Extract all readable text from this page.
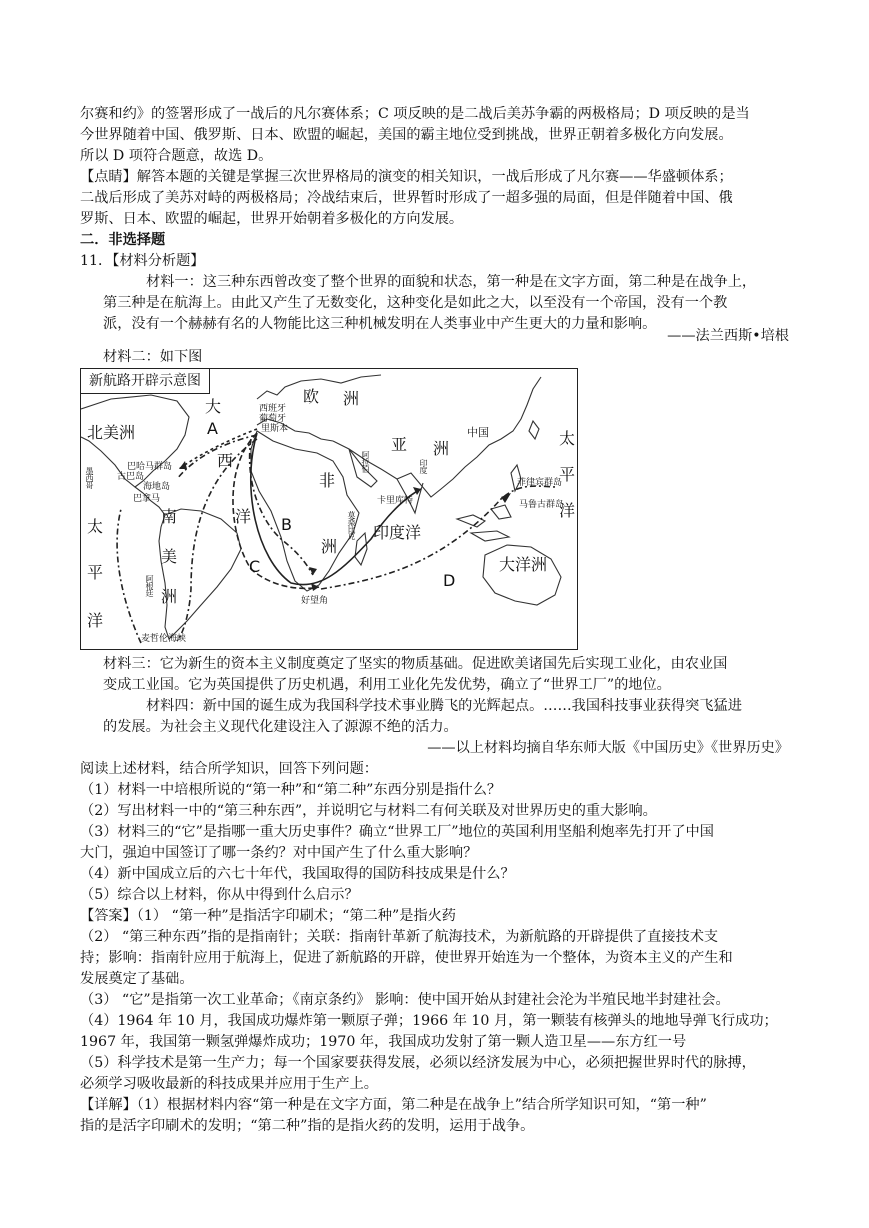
尔赛和约》的签署形成了一战后的凡尔赛体系；C 项反映的是二战后美苏争霸的两极格局；D 项反映的是当
今世界随着中国、俄罗斯、日本、欧盟的崛起，美国的霸主地位受到挑战，世界正朝着多极化方向发展。
所以 D 项符合题意，故选 D。
【点睛】解答本题的关键是掌握三次世界格局的演变的相关知识，一战后形成了凡尔赛——华盛顿体系；
二战后形成了美苏对峙的两极格局；冷战结束后，世界暂时形成了一超多强的局面，但是伴随着中国、俄
罗斯、日本、欧盟的崛起，世界开始朝着多极化的方向发展。
二．非选择题
11．【材料分析题】
材料一：这三种东西曾改变了整个世界的面貌和状态，第一种是在文字方面，第二种是在战争上，
第三种是在航海上。由此又产生了无数变化，这种变化是如此之大，以至没有一个帝国，没有一个教
派，没有一个赫赫有名的人物能比这三种机械发明在人类事业中产生更大的力量和影响。
——法兰西斯•培根
材料二：如下图
新航路开辟示意图
大
西
洋
欧 洲
亚 洲
非
洲
北美洲
南
美
洲
太
平
洋
太
平
洋
印度洋
大洋洲
中国
A
B
C
D
西班牙
葡萄牙
里斯本
巴哈马群岛
古巴岛
墨西哥	海地岛
巴拿马
阿拉伯	印度
卡里库特
菲律宾群岛
马鲁古群岛
莫桑比克
好望角
麦哲伦海峡
阿根廷
材料三：它为新生的资本主义制度奠定了坚实的物质基础。促进欧美诸国先后实现工业化，由农业国
变成工业国。它为英国提供了历史机遇，利用工业化先发优势，确立了“世界工厂”的地位。
材料四：新中国的诞生成为我国科学技术事业腾飞的光辉起点。……我国科技事业获得突飞猛进
的发展。为社会主义现代化建设注入了源源不绝的活力。
——以上材料均摘自华东师大版《中国历史》《世界历史》
阅读上述材料，结合所学知识，回答下列问题：
（1）材料一中培根所说的“第一种”和“第二种”东西分别是指什么？
（2）写出材料一中的“第三种东西”，并说明它与材料二有何关联及对世界历史的重大影响。
（3）材料三的“它”是指哪一重大历史事件？确立“世界工厂”地位的英国利用坚船利炮率先打开了中国
大门，强迫中国签订了哪一条约？对中国产生了什么重大影响？
（4）新中国成立后的六七十年代，我国取得的国防科技成果是什么？
（5）综合以上材料，你从中得到什么启示？
【答案】（1） “第一种”是指活字印刷术；“第二种”是指火药
（2） “第三种东西”指的是指南针；关联：指南针革新了航海技术，为新航路的开辟提供了直接技术支
持；影响：指南针应用于航海上，促进了新航路的开辟，使世界开始连为一个整体，为资本主义的产生和
发展奠定了基础。
（3） “它”是指第一次工业革命；《南京条约》 影响：使中国开始从封建社会沦为半殖民地半封建社会。
（4）1964 年 10 月，我国成功爆炸第一颗原子弹；1966 年 10 月，第一颗装有核弹头的地地导弹飞行成功；
1967 年，我国第一颗氢弹爆炸成功；1970 年，我国成功发射了第一颗人造卫星——东方红一号
（5）科学技术是第一生产力；每一个国家要获得发展，必须以经济发展为中心，必须把握世界时代的脉搏，
必须学习吸收最新的科技成果并应用于生产上。
【详解】（1）根据材料内容“第一种是在文字方面，第二种是在战争上”结合所学知识可知，“第一种”
指的是活字印刷术的发明；“第二种”指的是指火药的发明，运用于战争。
